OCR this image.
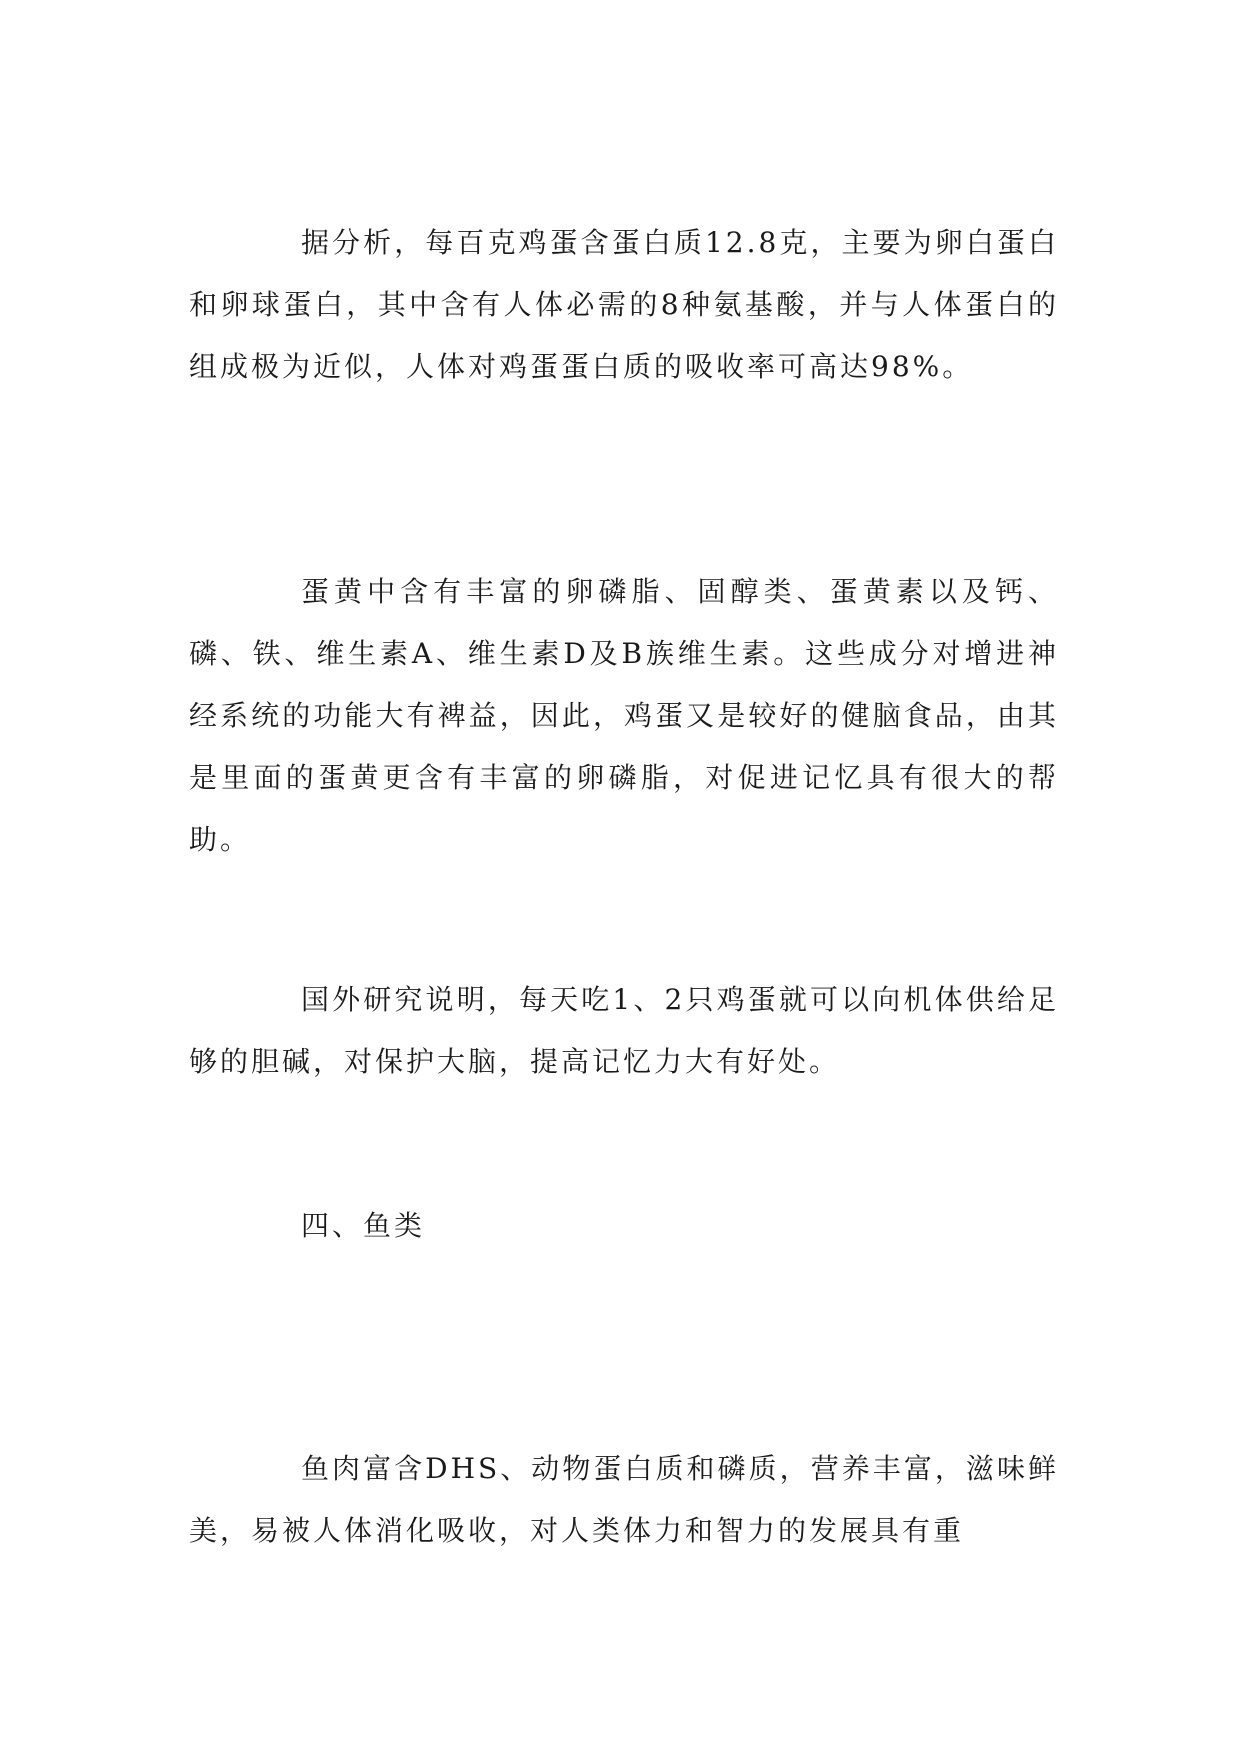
据分析，每百克鸡蛋含蛋白质12.8克，主要为卵白蛋白和卵球蛋白，其中含有人体必需的8种氨基酸，并与人体蛋白的组成极为近似，人体对鸡蛋蛋白质的吸收率可高达98%。

蛋黄中含有丰富的卵磷脂、固醇类、蛋黄素以及钙、磷、铁、维生素A、维生素D及B族维生素。这些成分对增进神经系统的功能大有裨益，因此，鸡蛋又是较好的健脑食品，由其是里面的蛋黄更含有丰富的卵磷脂，对促进记忆具有很大的帮助。

国外研究说明，每天吃1、2只鸡蛋就可以向机体供给足够的胆碱，对保护大脑，提高记忆力大有好处。

四、鱼类

鱼肉富含DHS、动物蛋白质和磷质，营养丰富，滋味鲜美，易被人体消化吸收，对人类体力和智力的发展具有重
